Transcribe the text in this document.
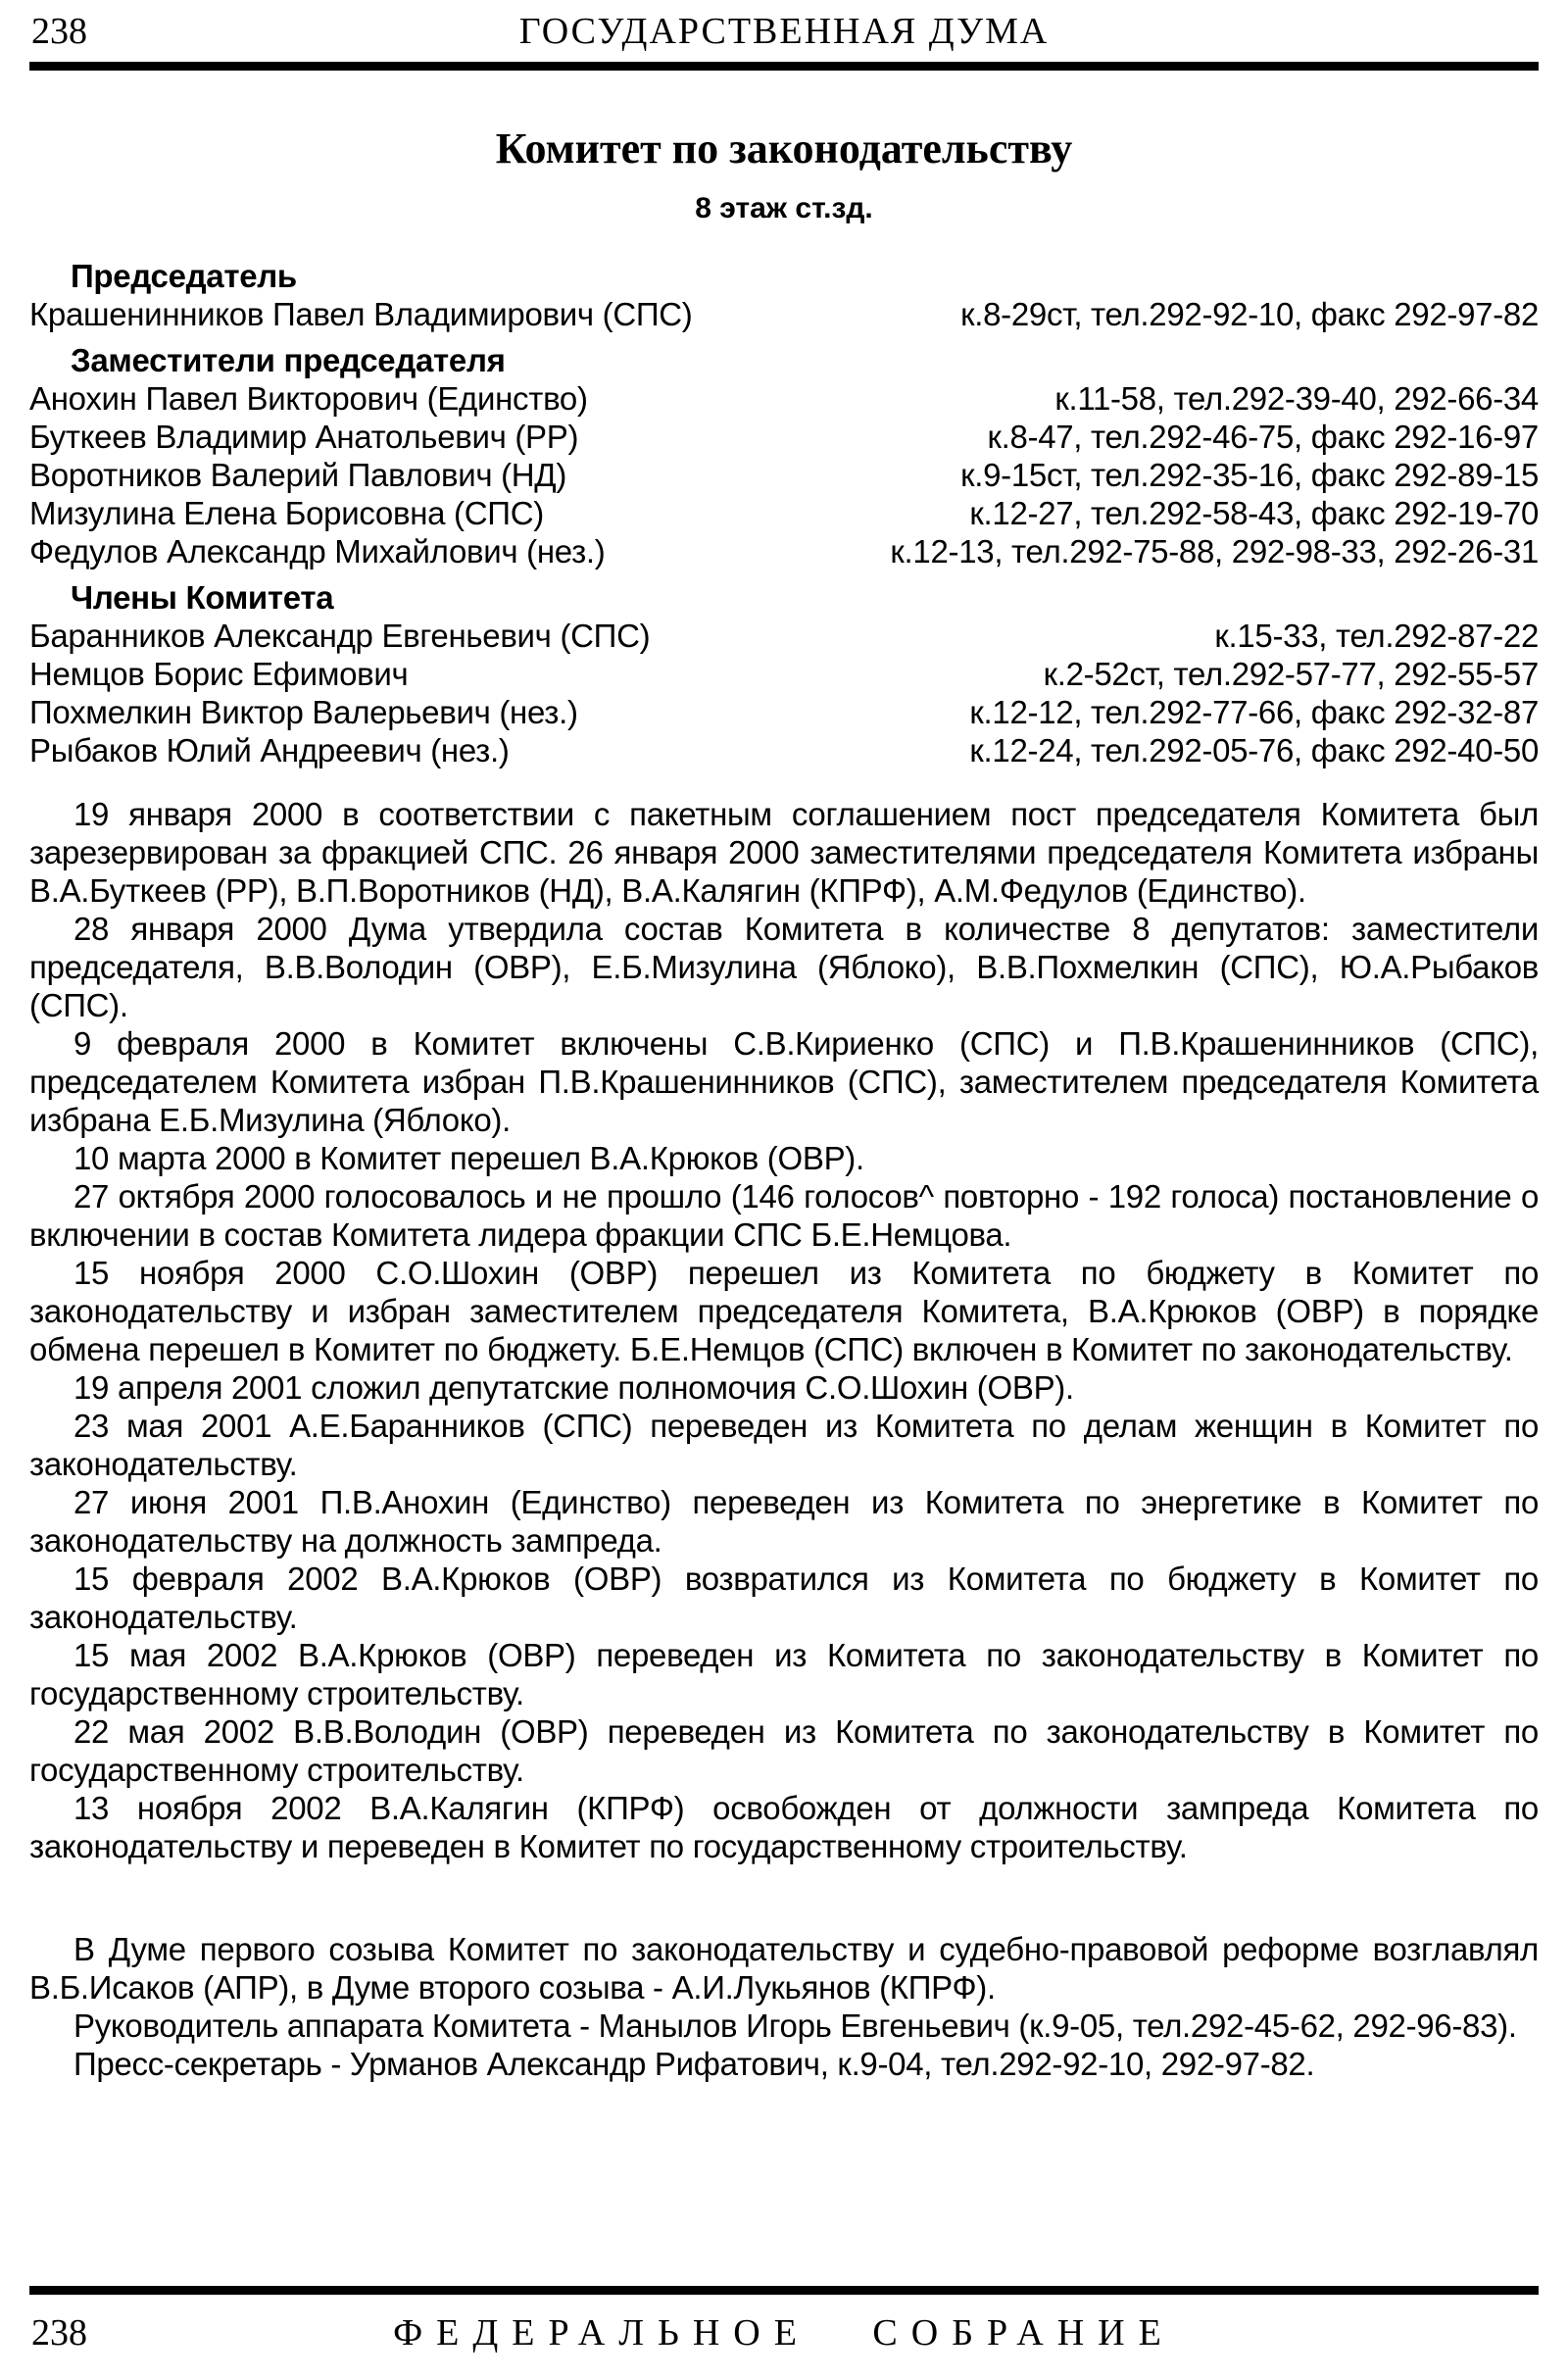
238	ГОСУДАРСТВЕННАЯ ДУМА
Комитет по законодательству
8 этаж ст.зд.
Председатель
Крашенинников Павел Владимирович (СПС)	к.8-29ст, тел.292-92-10, факс 292-97-82
Заместители председателя
Анохин Павел Викторович (Единство)	к.11-58, тел.292-39-40, 292-66-34
Буткеев Владимир Анатольевич (РР)	к.8-47, тел.292-46-75, факс 292-16-97
Воротников Валерий Павлович (НД)	к.9-15ст, тел.292-35-16, факс 292-89-15
Мизулина Елена Борисовна (СПС)	к.12-27, тел.292-58-43, факс 292-19-70
Федулов Александр Михайлович (нез.)	к.12-13, тел.292-75-88, 292-98-33, 292-26-31
Члены Комитета
Баранников Александр Евгеньевич (СПС)	к.15-33, тел.292-87-22
Немцов Борис Ефимович	к.2-52ст, тел.292-57-77, 292-55-57
Похмелкин Виктор Валерьевич (нез.)	к.12-12, тел.292-77-66, факс 292-32-87
Рыбаков Юлий Андреевич (нез.)	к.12-24, тел.292-05-76, факс 292-40-50

19 января 2000 в соответствии с пакетным соглашением пост председателя Комитета был зарезервирован за фракцией СПС. 26 января 2000 заместителями председателя Комитета избраны В.А.Буткеев (РР), В.П.Воротников (НД), В.А.Калягин (КПРФ), А.М.Федулов (Единство).

28 января 2000 Дума утвердила состав Комитета в количестве 8 депутатов: заместители председателя, В.В.Володин (ОВР), Е.Б.Мизулина (Яблоко), В.В.Похмелкин (СПС), Ю.А.Рыбаков (СПС).

9 февраля 2000 в Комитет включены С.В.Кириенко (СПС) и П.В.Крашенинников (СПС), председателем Комитета избран П.В.Крашенинников (СПС), заместителем председателя Комитета избрана Е.Б.Мизулина (Яблоко).

10 марта 2000 в Комитет перешел В.А.Крюков (ОВР).

27 октября 2000 голосовалось и не прошло (146 голосов^ повторно - 192 голоса) постановление о включении в состав Комитета лидера фракции СПС Б.Е.Немцова.

15 ноября 2000 С.О.Шохин (ОВР) перешел из Комитета по бюджету в Комитет по законодательству и избран заместителем председателя Комитета, В.А.Крюков (ОВР) в порядке обмена перешел в Комитет по бюджету. Б.Е.Немцов (СПС) включен в Комитет по законодательству.

19 апреля 2001 сложил депутатские полномочия С.О.Шохин (ОВР).

23 мая 2001 А.Е.Баранников (СПС) переведен из Комитета по делам женщин в Комитет по законодательству.

27 июня 2001 П.В.Анохин (Единство) переведен из Комитета по энергетике в Комитет по законодательству на должность зампреда.

15 февраля 2002 В.А.Крюков (ОВР) возвратился из Комитета по бюджету в Комитет по законодательству.

15 мая 2002 В.А.Крюков (ОВР) переведен из Комитета по законодательству в Комитет по государственному строительству.

22 мая 2002 В.В.Володин (ОВР) переведен из Комитета по законодательству в Комитет по государственному строительству.

13 ноября 2002 В.А.Калягин (КПРФ) освобожден от должности зампреда Комитета по законодательству и переведен в Комитет по государственному строительству.

В Думе первого созыва Комитет по законодательству и судебно-правовой реформе возглавлял В.Б.Исаков (АПР), в Думе второго созыва - А.И.Лукьянов (КПРФ).

Руководитель аппарата Комитета - Манылов Игорь Евгеньевич (к.9-05, тел.292-45-62, 292-96-83).

Пресс-секретарь - Урманов Александр Рифатович, к.9-04, тел.292-92-10, 292-97-82.

238	ФЕДЕРАЛЬНОЕ СОБРАНИЕ
